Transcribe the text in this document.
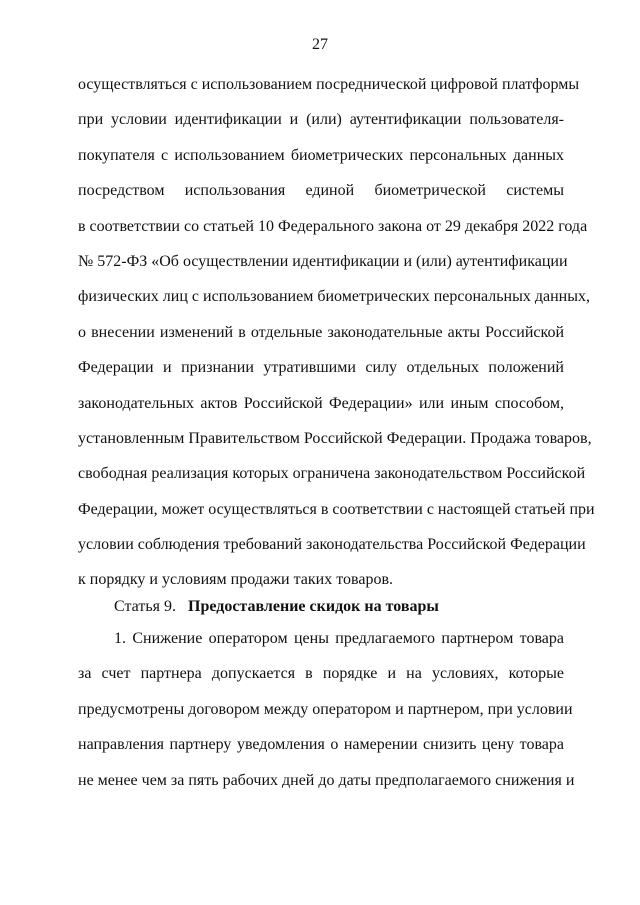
27
осуществляться с использованием посреднической цифровой платформы
при условии идентификации и (или) аутентификации пользователя-
покупателя с использованием биометрических персональных данных
посредством использования единой биометрической системы
в соответствии со статьей 10 Федерального закона от 29 декабря 2022 года
№ 572-ФЗ «Об осуществлении идентификации и (или) аутентификации
физических лиц с использованием биометрических персональных данных,
о внесении изменений в отдельные законодательные акты Российской
Федерации и признании утратившими силу отдельных положений
законодательных актов Российской Федерации» или иным способом,
установленным Правительством Российской Федерации. Продажа товаров,
свободная реализация которых ограничена законодательством Российской
Федерации, может осуществляться в соответствии с настоящей статьей при
условии соблюдения требований законодательства Российской Федерации
к порядку и условиям продажи таких товаров.
Статья 9. Предоставление скидок на товары
1. Снижение оператором цены предлагаемого партнером товара
за счет партнера допускается в порядке и на условиях, которые
предусмотрены договором между оператором и партнером, при условии
направления партнеру уведомления о намерении снизить цену товара
не менее чем за пять рабочих дней до даты предполагаемого снижения и
